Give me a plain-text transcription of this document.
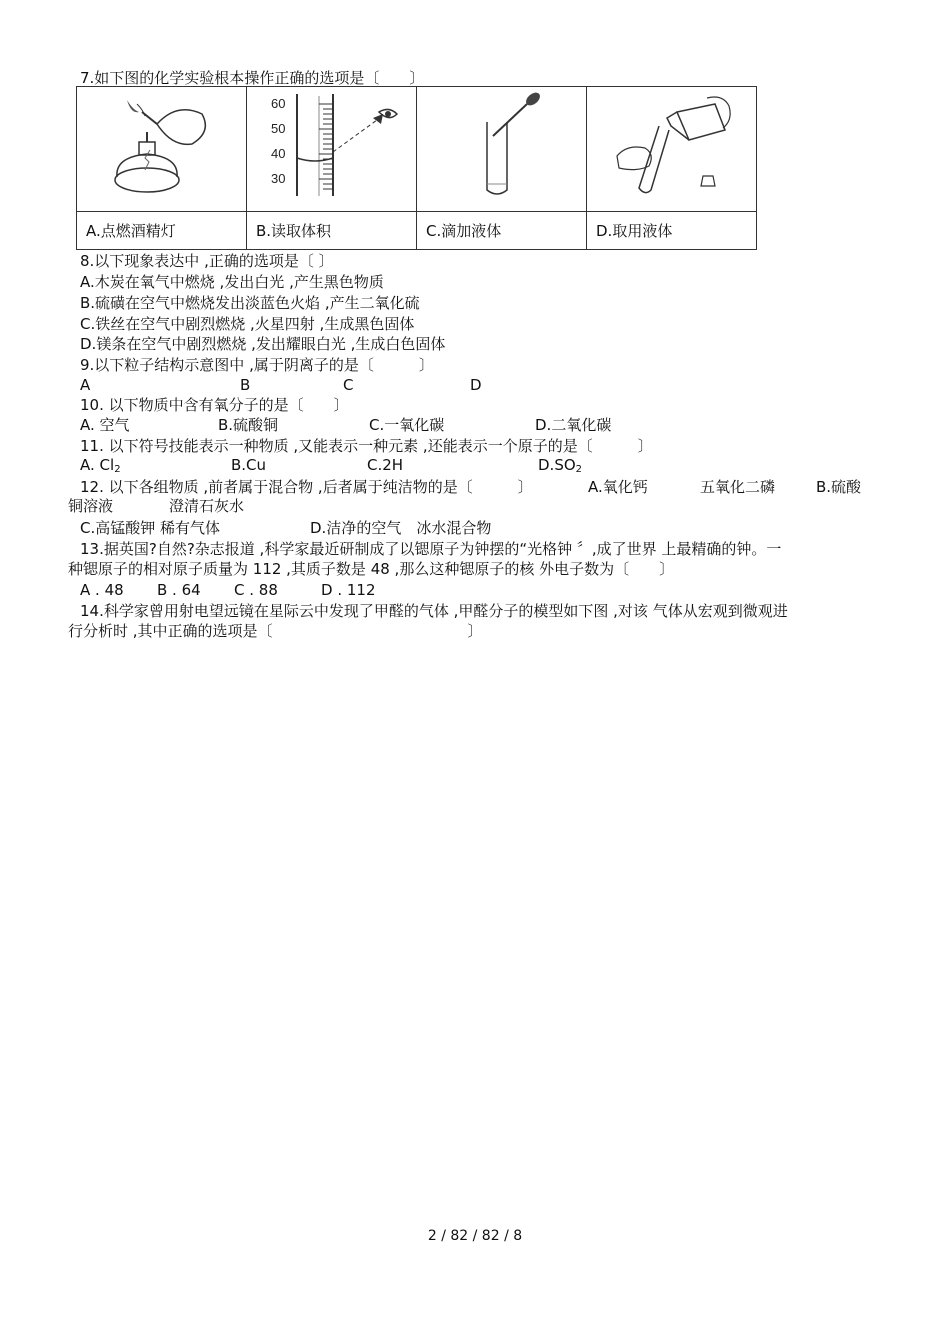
7.如下图的化学实验根本操作正确的选项是〔　　〕

60
50
40
30

A.点燃酒精灯	B.读取体积	C.滴加液体	D.取用液体
8.以下现象表达中 ,正确的选项是〔 〕
A.木炭在氧气中燃烧 ,发出白光 ,产生黑色物质
B.硫磺在空气中燃烧发出淡蓝色火焰 ,产生二氧化硫
C.铁丝在空气中剧烈燃烧 ,火星四射 ,生成黑色固体
D.镁条在空气中剧烈燃烧 ,发出耀眼白光 ,生成白色固体
9.以下粒子结构示意图中 ,属于阴离子的是〔　　　〕
A	B	C	D
10. 以下物质中含有氧分子的是〔　　〕
A. 空气	B.硫酸铜	C.一氧化碳	D.二氧化碳
11. 以下符号技能表示一种物质 ,又能表示一种元素 ,还能表示一个原子的是〔　　　〕
A. $Cl_2$	B.Cu	C.2H	$D.SO_2$
12. 以下各组物质 ,前者属于混合物 ,后者属于纯洁物的是〔　　　〕	A.氧化钙	五氧化二磷	B.硫酸
铜溶液	澄清石灰水
C.高锰酸钾 稀有气体	D.洁净的空气　冰水混合物
13.据英国?自然?杂志报道 ,科学家最近研制成了以锶原子为钟摆的“光格钟 〞,成了世界 上最精确的钟。一
种锶原子的相对原子质量为 112 ,其质子数是 48 ,那么这种锶原子的核 外电子数为〔　　〕
A . 48 B . 64 C . 88	D . 112
14.科学家曾用射电望远镜在星际云中发现了甲醛的气体 ,甲醛分子的模型如下图 ,对该 气体从宏观到微观进
行分析时 ,其中正确的选项是〔　　　　　　　　　　　　　〕
2 / 82 / 82 / 8
